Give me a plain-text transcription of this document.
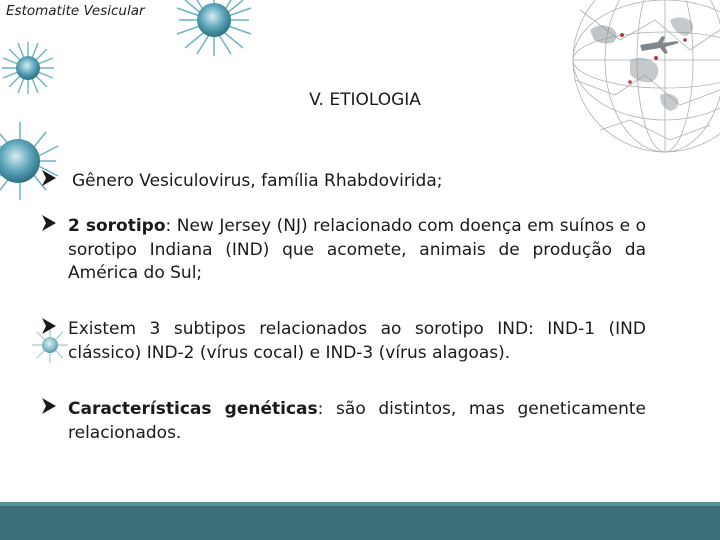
Estomatite Vesicular
V. ETIOLOGIA
Gênero Vesiculovirus, família Rhabdovirida;
2 sorotipo: New Jersey (NJ) relacionado com doença em suínos e o sorotipo Indiana (IND) que acomete, animais de produção da América do Sul;
Existem 3 subtipos relacionados ao sorotipo IND: IND-1 (IND clássico) IND-2 (vírus cocal) e IND-3 (vírus alagoas).
Características genéticas: são distintos, mas geneticamente relacionados.
